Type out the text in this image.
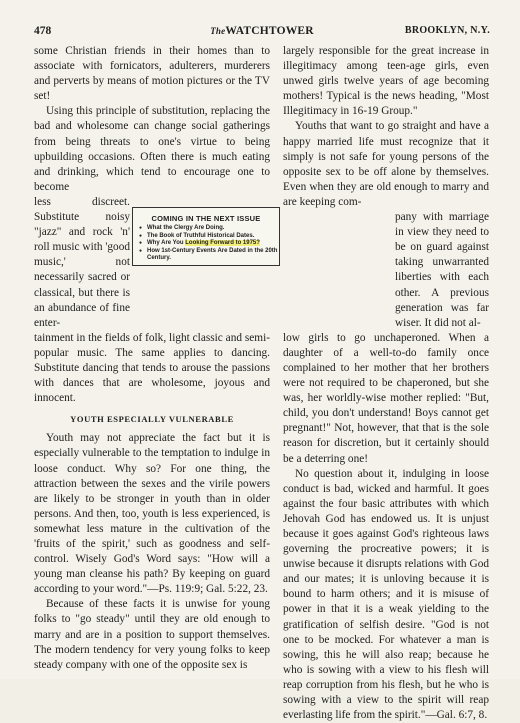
478	TheWATCHTOWER	BROOKLYN, N.Y.

some Christian friends in their homes than to associate with fornicators, adulterers, murderers and perverts by means of motion pictures or the TV set!

Using this principle of substitution, replacing the bad and wholesome can change social gatherings from being threats to one's virtue to being upbuilding occasions. Often there is much eating and drinking, which tend to encourage one to become

less discreet. Substitute noisy "jazz" and rock 'n' roll music with 'good music,' not necessarily sacred or classical, but there is an abundance of fine enter-

tainment in the fields of folk, light classic and semi-popular music. The same applies to dancing. Substitute dancing that tends to arouse the passions with dances that are wholesome, joyous and innocent.

YOUTH ESPECIALLY VULNERABLE

Youth may not appreciate the fact but it is especially vulnerable to the temptation to indulge in loose conduct. Why so? For one thing, the attraction between the sexes and the virile powers are likely to be stronger in youth than in older persons. And then, too, youth is less experienced, is somewhat less mature in the cultivation of the 'fruits of the spirit,' such as goodness and self-control. Wisely God's Word says: "How will a young man cleanse his path? By keeping on guard according to your word."—Ps. 119:9; Gal. 5:22, 23.

Because of these facts it is unwise for young folks to "go steady" until they are old enough to marry and are in a position to support themselves. The modern tendency for very young folks to keep steady company with one of the opposite sex is

largely responsible for the great increase in illegitimacy among teen-age girls, even unwed girls twelve years of age becoming mothers! Typical is the news heading, "Most Illegitimacy in 16-19 Group."

Youths that want to go straight and have a happy married life must recognize that it simply is not safe for young persons of the opposite sex to be off alone by themselves. Even when they are old enough to marry and are keeping com-

pany with marriage in view they need to be on guard against taking unwarranted liberties with each other. A previous generation was far wiser. It did not al-

low girls to go unchaperoned. When a daughter of a well-to-do family once complained to her mother that her brothers were not required to be chaperoned, but she was, her worldly-wise mother replied: "But, child, you don't understand! Boys cannot get pregnant!" Not, however, that that is the sole reason for discretion, but it certainly should be a deterring one!

No question about it, indulging in loose conduct is bad, wicked and harmful. It goes against the four basic attributes with which Jehovah God has endowed us. It is unjust because it goes against God's righteous laws governing the procreative powers; it is unwise because it disrupts relations with God and our mates; it is unloving because it is bound to harm others; and it is misuse of power in that it is a weak yielding to the gratification of selfish desire. "God is not one to be mocked. For whatever a man is sowing, this he will also reap; because he who is sowing with a view to his flesh will reap corruption from his flesh, but he who is sowing with a view to the spirit will reap everlasting life from the spirit."—Gal. 6:7, 8.

COMING IN THE NEXT ISSUE
● What the Clergy Are Doing.
● The Book of Truthful Historical Dates.
● Why Are You Looking Forward to 1975?
● How 1st-Century Events Are Dated in the 20th Century.
